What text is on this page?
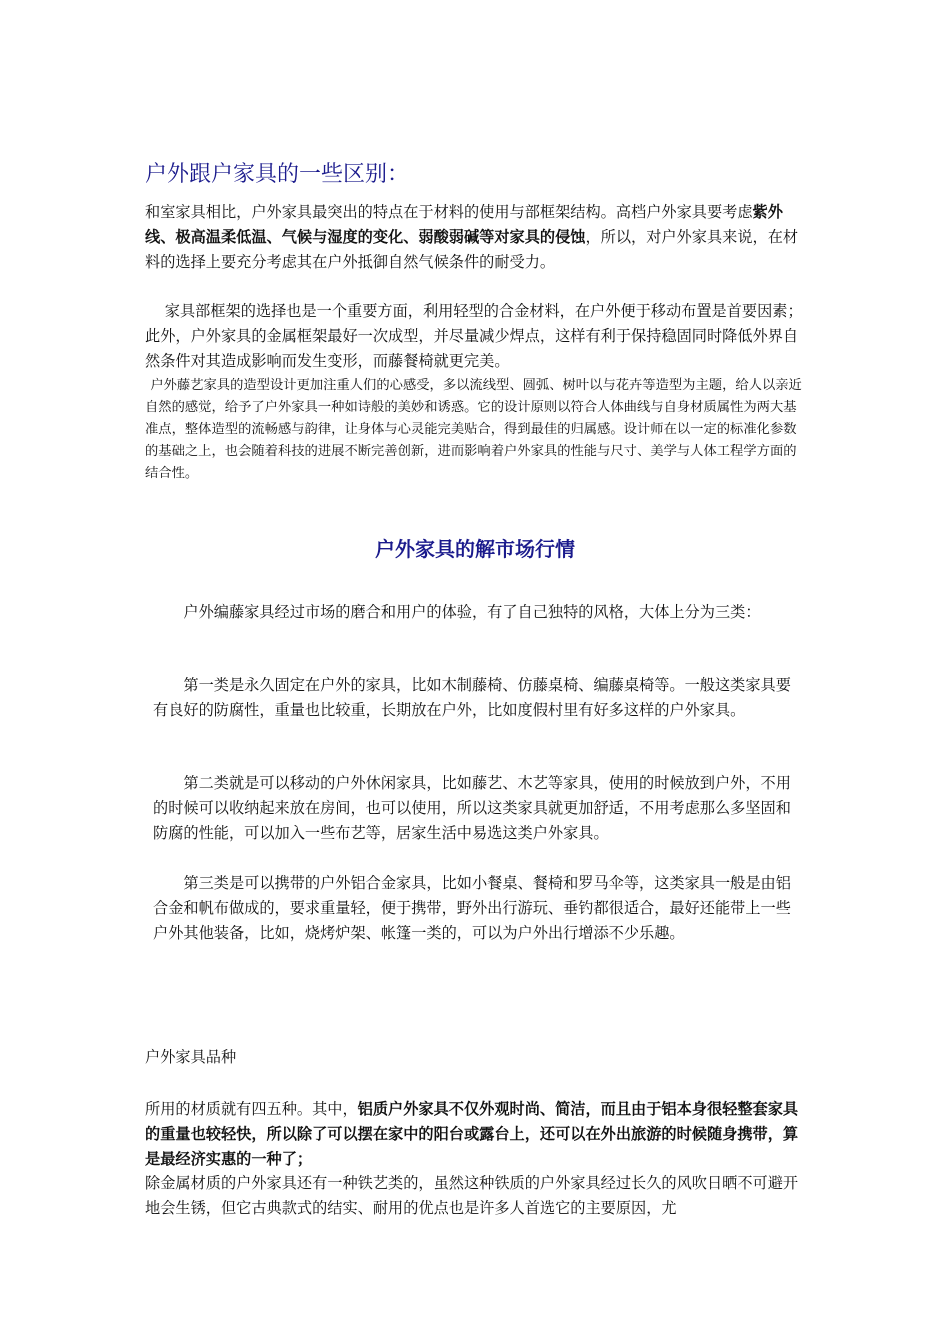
户外跟户家具的一些区别：

和室家具相比，户外家具最突出的特点在于材料的使用与部框架结构。高档户外家具要考虑紫外线、极高温柔低温、气候与湿度的变化、弱酸弱碱等对家具的侵蚀，所以，对户外家具来说，在材料的选择上要充分考虑其在户外抵御自然气候条件的耐受力。

家具部框架的选择也是一个重要方面，利用轻型的合金材料，在户外便于移动布置是首要因素；此外，户外家具的金属框架最好一次成型，并尽量减少焊点，这样有利于保持稳固同时降低外界自然条件对其造成影响而发生变形，而藤餐椅就更完美。

户外藤艺家具的造型设计更加注重人们的心感受，多以流线型、圆弧、树叶以与花卉等造型为主题，给人以亲近自然的感觉，给予了户外家具一种如诗般的美妙和诱惑。它的设计原则以符合人体曲线与自身材质属性为两大基准点，整体造型的流畅感与韵律，让身体与心灵能完美贴合，得到最佳的归属感。设计师在以一定的标准化参数的基础之上，也会随着科技的进展不断完善创新，进而影响着户外家具的性能与尺寸、美学与人体工程学方面的结合性。

户外家具的解市场行情

户外编藤家具经过市场的磨合和用户的体验，有了自己独特的风格，大体上分为三类：

第一类是永久固定在户外的家具，比如木制藤椅、仿藤桌椅、编藤桌椅等。一般这类家具要有良好的防腐性，重量也比较重，长期放在户外，比如度假村里有好多这样的户外家具。

第二类就是可以移动的户外休闲家具，比如藤艺、木艺等家具，使用的时候放到户外，不用的时候可以收纳起来放在房间，也可以使用，所以这类家具就更加舒适，不用考虑那么多坚固和防腐的性能，可以加入一些布艺等，居家生活中易选这类户外家具。

第三类是可以携带的户外铝合金家具，比如小餐桌、餐椅和罗马伞等，这类家具一般是由铝合金和帆布做成的，要求重量轻，便于携带，野外出行游玩、垂钓都很适合，最好还能带上一些户外其他装备，比如，烧烤炉架、帐篷一类的，可以为户外出行增添不少乐趣。

户外家具品种

所用的材质就有四五种。其中，铝质户外家具不仅外观时尚、简洁，而且由于铝本身很轻整套家具的重量也较轻快，所以除了可以摆在家中的阳台或露台上，还可以在外出旅游的时候随身携带，算是最经济实惠的一种了；

除金属材质的户外家具还有一种铁艺类的，虽然这种铁质的户外家具经过长久的风吹日晒不可避开地会生锈，但它古典款式的结实、耐用的优点也是许多人首选它的主要原因，尤
